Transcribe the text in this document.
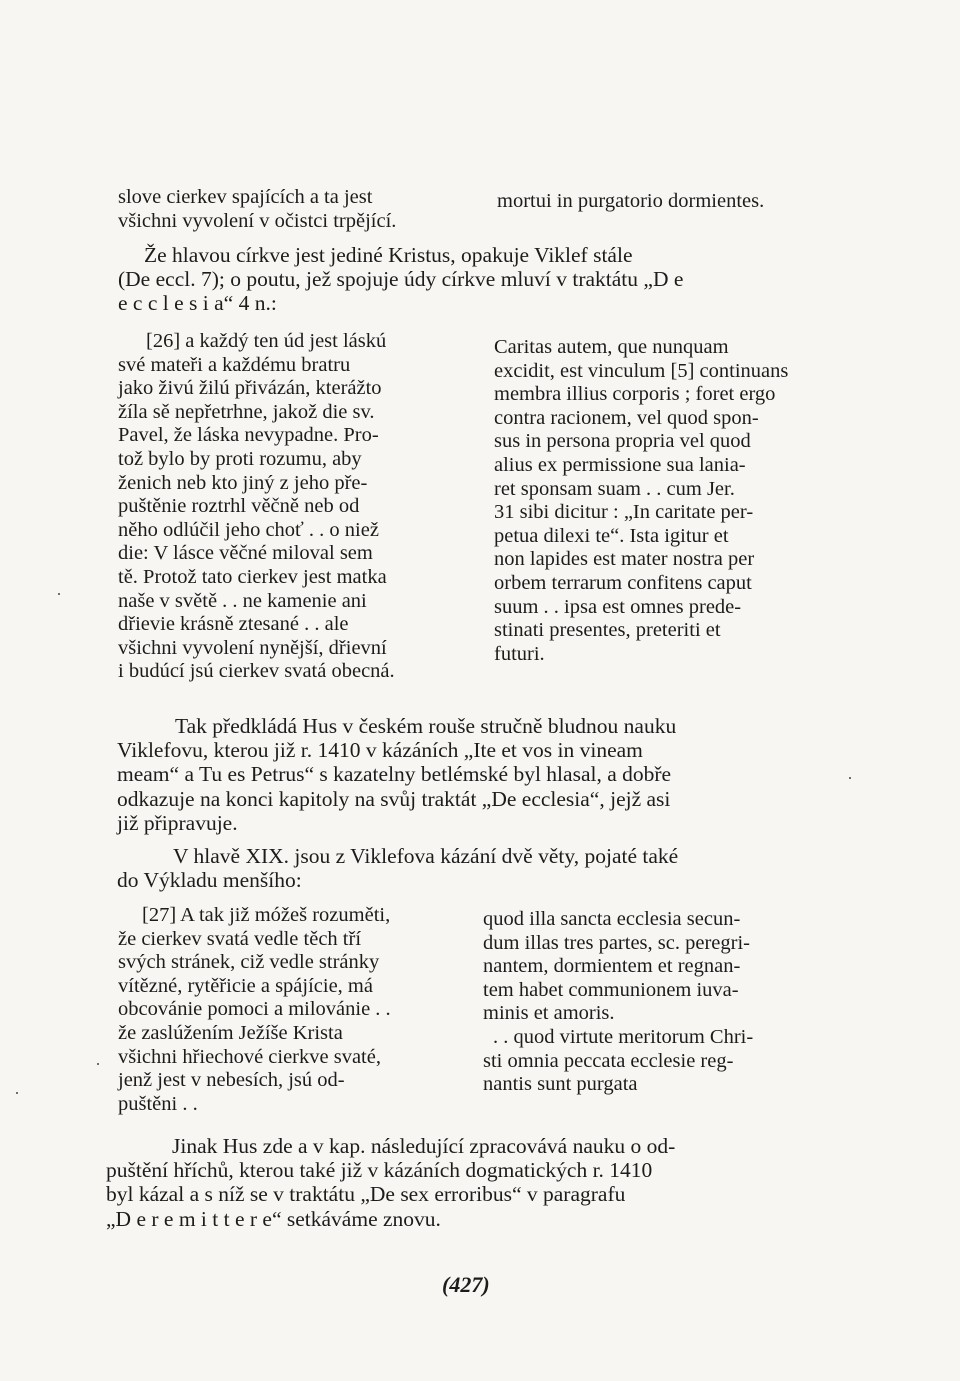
slove cierkev spajících a ta jest
všichni vyvolení v očistci trpějící.
mortui in purgatorio dormientes.
Že hlavou církve jest jediné Kristus, opakuje Viklef stále
(De eccl. 7); o poutu, jež spojuje údy církve mluví v traktátu „D e
e c c l e s i a“ 4 n.:
[26] a každý ten úd jest láskú
své mateři a každému bratru
jako živú žilú přivázán, kterážto
žíla sě nepřetrhne, jakož die sv.
Pavel, že láska nevypadne. Pro-
tož bylo by proti rozumu, aby
ženich neb kto jiný z jeho pře-
puštěnie roztrhl věčně neb od
něho odlúčil jeho choť . . o niež
die: V lásce věčné miloval sem
tě. Protož tato cierkev jest matka
naše v světě . . ne kamenie ani
dřievie krásně ztesané . . ale
všichni vyvolení nynější, dřievní
i budúcí jsú cierkev svatá obecná.
Caritas autem, que nunquam
excidit, est vinculum [5] continuans
membra illius corporis ; foret ergo
contra racionem, vel quod spon-
sus in persona propria vel quod
alius ex permissione sua lania-
ret sponsam suam . . cum Jer.
31 sibi dicitur : „In caritate per-
petua dilexi te“. Ista igitur et
non lapides est mater nostra per
orbem terrarum confitens caput
suum . . ipsa est omnes prede-
stinati presentes, preteriti et
futuri.
Tak předkládá Hus v českém rouše stručně bludnou nauku
Viklefovu, kterou již r. 1410 v kázáních „Ite et vos in vineam
meam“ a Tu es Petrus“ s kazatelny betlémské byl hlasal, a dobře
odkazuje na konci kapitoly na svůj traktát „De ecclesia“, jejž asi
již připravuje.
V hlavě XIX. jsou z Viklefova kázání dvě věty, pojaté také
do Výkladu menšího:
[27] A tak již móžeš rozuměti,
že cierkev svatá vedle těch tří
svých stránek, ciž vedle stránky
vítězné, rytěřicie a spájície, má
obcovánie pomoci a milovánie . .
že zaslúžením Ježíše Krista
všichni hřiechové cierkve svaté,
jenž jest v nebesích, jsú od-
puštěni . .
quod illa sancta ecclesia secun-
dum illas tres partes, sc. peregri-
nantem, dormientem et regnan-
tem habet communionem iuva-
minis et amoris.
. . quod virtute meritorum Chri-
sti omnia peccata ecclesie reg-
nantis sunt purgata
Jinak Hus zde a v kap. následující zpracovává nauku o od-
puštění hříchů, kterou také již v kázáních dogmatických r. 1410
byl kázal a s níž se v traktátu „De sex erroribus“ v paragrafu
„D e r e m i t t e r e“ setkáváme znovu.
(427)
